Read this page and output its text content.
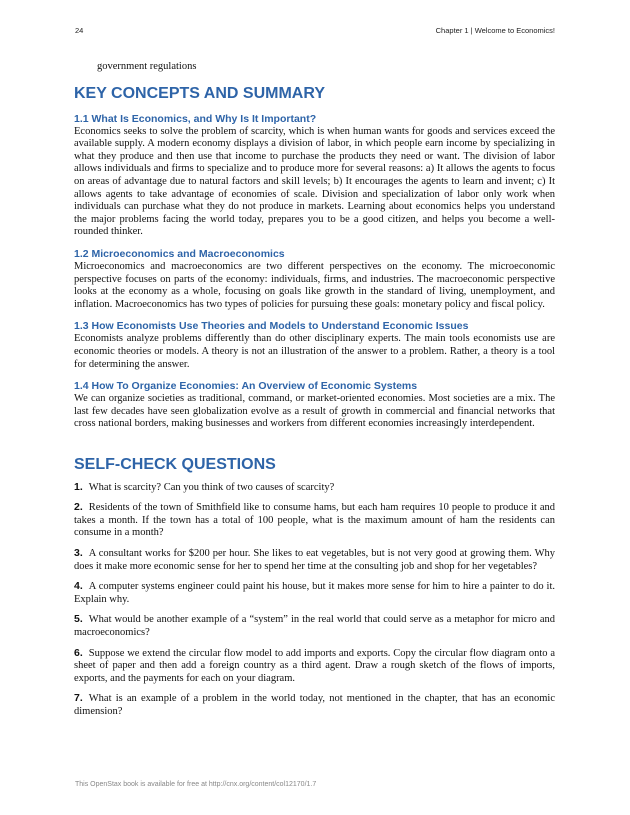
24	Chapter 1 | Welcome to Economics!
government regulations
KEY CONCEPTS AND SUMMARY
1.1 What Is Economics, and Why Is It Important?

Economics seeks to solve the problem of scarcity, which is when human wants for goods and services exceed the available supply. A modern economy displays a division of labor, in which people earn income by specializing in what they produce and then use that income to purchase the products they need or want. The division of labor allows individuals and firms to specialize and to produce more for several reasons: a) It allows the agents to focus on areas of advantage due to natural factors and skill levels; b) It encourages the agents to learn and invent; c) It allows agents to take advantage of economies of scale. Division and specialization of labor only work when individuals can purchase what they do not produce in markets. Learning about economics helps you understand the major problems facing the world today, prepares you to be a good citizen, and helps you become a well-rounded thinker.

1.2 Microeconomics and Macroeconomics

Microeconomics and macroeconomics are two different perspectives on the economy. The microeconomic perspective focuses on parts of the economy: individuals, firms, and industries. The macroeconomic perspective looks at the economy as a whole, focusing on goals like growth in the standard of living, unemployment, and inflation. Macroeconomics has two types of policies for pursuing these goals: monetary policy and fiscal policy.

1.3 How Economists Use Theories and Models to Understand Economic Issues

Economists analyze problems differently than do other disciplinary experts. The main tools economists use are economic theories or models. A theory is not an illustration of the answer to a problem. Rather, a theory is a tool for determining the answer.

1.4 How To Organize Economies: An Overview of Economic Systems

We can organize societies as traditional, command, or market-oriented economies. Most societies are a mix. The last few decades have seen globalization evolve as a result of growth in commercial and financial networks that cross national borders, making businesses and workers from different economies increasingly interdependent.

SELF-CHECK QUESTIONS

1. What is scarcity? Can you think of two causes of scarcity?

2. Residents of the town of Smithfield like to consume hams, but each ham requires 10 people to produce it and takes a month. If the town has a total of 100 people, what is the maximum amount of ham the residents can consume in a month?

3. A consultant works for $200 per hour. She likes to eat vegetables, but is not very good at growing them. Why does it make more economic sense for her to spend her time at the consulting job and shop for her vegetables?

4. A computer systems engineer could paint his house, but it makes more sense for him to hire a painter to do it. Explain why.

5. What would be another example of a “system” in the real world that could serve as a metaphor for micro and macroeconomics?

6. Suppose we extend the circular flow model to add imports and exports. Copy the circular flow diagram onto a sheet of paper and then add a foreign country as a third agent. Draw a rough sketch of the flows of imports, exports, and the payments for each on your diagram.

7. What is an example of a problem in the world today, not mentioned in the chapter, that has an economic dimension?

This OpenStax book is available for free at http://cnx.org/content/col12170/1.7
